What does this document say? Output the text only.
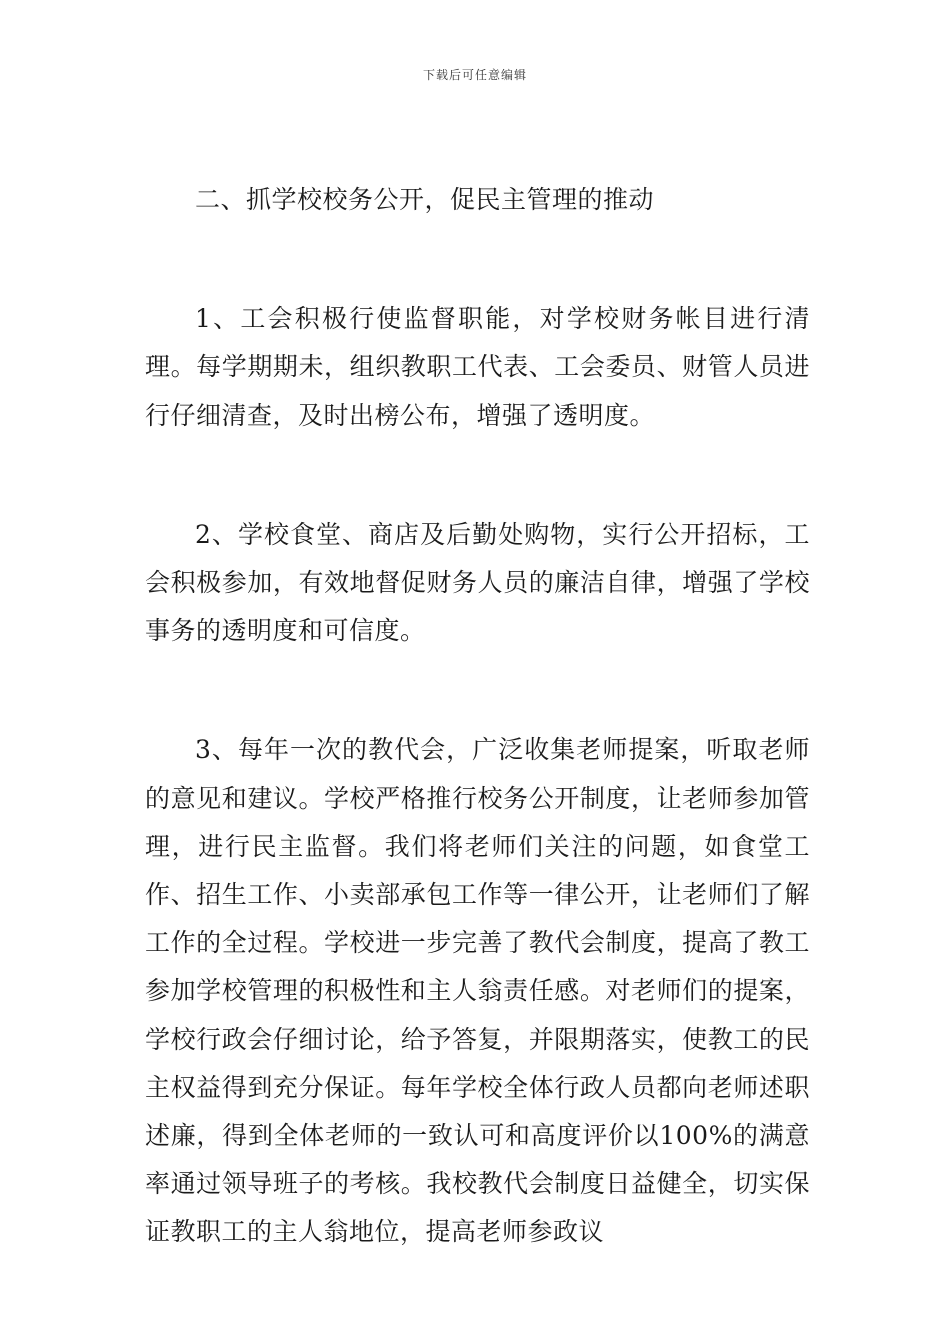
下载后可任意编辑

二、抓学校校务公开，促民主管理的推动

1、工会积极行使监督职能，对学校财务帐目进行清理。每学期期未，组织教职工代表、工会委员、财管人员进行仔细清查，及时出榜公布，增强了透明度。

2、学校食堂、商店及后勤处购物，实行公开招标，工会积极参加，有效地督促财务人员的廉洁自律，增强了学校事务的透明度和可信度。

3、每年一次的教代会，广泛收集老师提案，听取老师的意见和建议。学校严格推行校务公开制度，让老师参加管理，进行民主监督。我们将老师们关注的问题，如食堂工作、招生工作、小卖部承包工作等一律公开，让老师们了解工作的全过程。学校进一步完善了教代会制度，提高了教工参加学校管理的积极性和主人翁责任感。对老师们的提案，学校行政会仔细讨论，给予答复，并限期落实，使教工的民主权益得到充分保证。每年学校全体行政人员都向老师述职述廉，得到全体老师的一致认可和高度评价以100%的满意率通过领导班子的考核。我校教代会制度日益健全，切实保证教职工的主人翁地位，提高老师参政议
